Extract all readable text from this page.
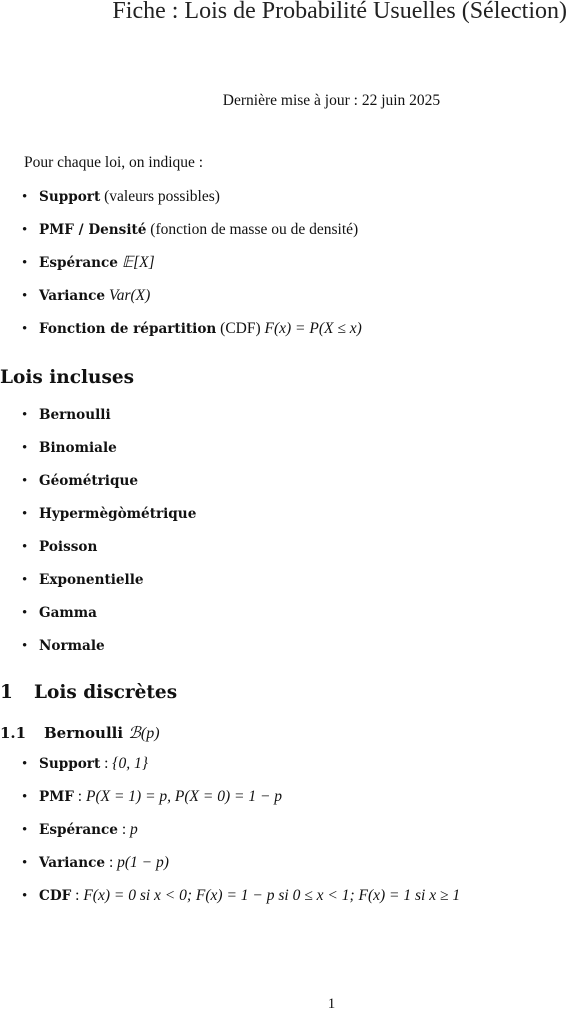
Fiche : Lois de Probabilité Usuelles (Sélection)
Dernière mise à jour : 22 juin 2025
Pour chaque loi, on indique :
• Support (valeurs possibles)
• PMF / Densité (fonction de masse ou de densité)
• Espérance 𝔼[X]
• Variance Var(X)
• Fonction de répartition (CDF) F(x) = P(X ≤ x)
Lois incluses
• Bernoulli
• Binomiale
• Géométrique
• Hypermègòmétrique
• Poisson
• Exponentielle
• Gamma
• Normale
1 Lois discrètes
1.1 Bernoulli ℬ(p)
• Support : {0, 1}
• PMF : P(X = 1) = p, P(X = 0) = 1 − p
• Espérance : p
• Variance : p(1 − p)
• CDF : F(x) = 0 si x < 0; F(x) = 1 − p si 0 ≤ x < 1; F(x) = 1 si x ≥ 1
1
